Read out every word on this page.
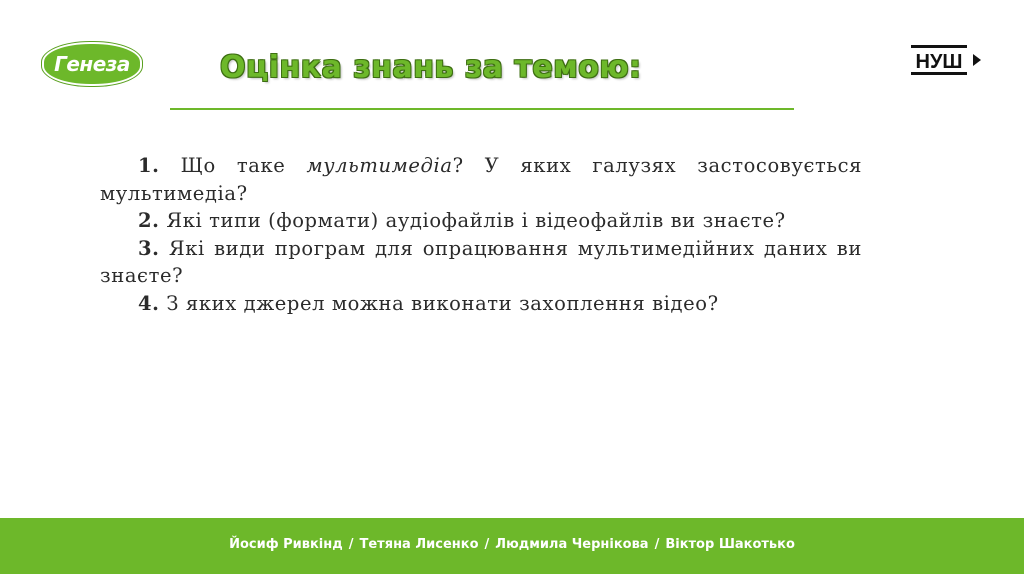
Генеза	Оцінка знань за темою:	НУШ
1. Що таке мультимедіа? У яких галузях застосовується мультимедіа?
2. Які типи (формати) аудіофайлів і відеофайлів ви знаєте?
3. Які види програм для опрацювання мультимедійних даних ви знаєте?
4. З яких джерел можна виконати захоплення відео?
Йосиф Ривкінд / Тетяна Лисенко / Людмила Чернікова / Віктор Шакотько
